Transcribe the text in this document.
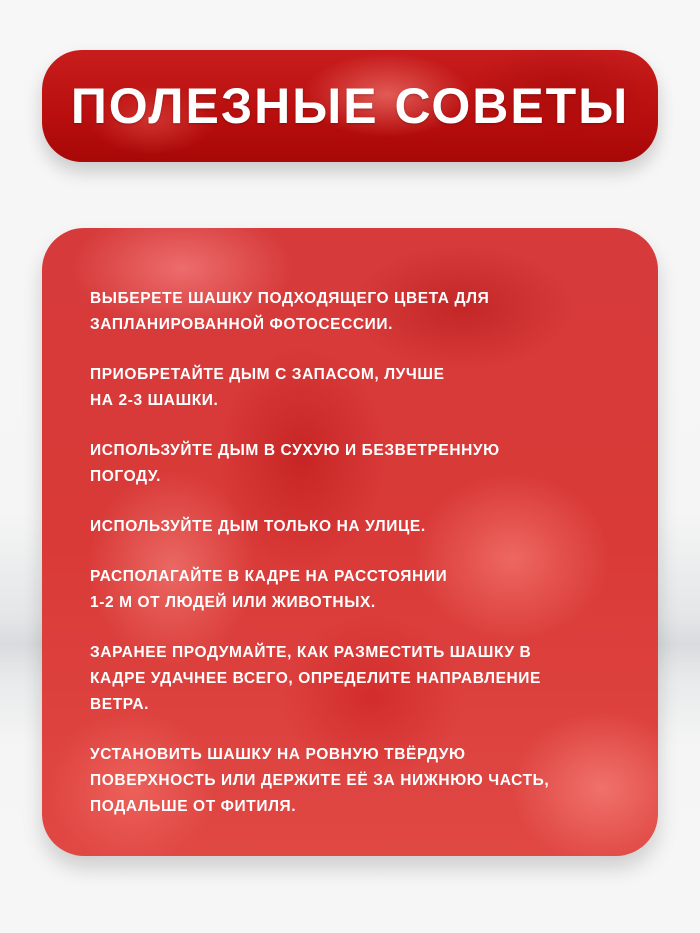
ПОЛЕЗНЫЕ СОВЕТЫ
ВЫБЕРЕТЕ ШАШКУ ПОДХОДЯЩЕГО ЦВЕТА ДЛЯ
ЗАПЛАНИРОВАННОЙ ФОТОСЕССИИ.
ПРИОБРЕТАЙТЕ ДЫМ С ЗАПАСОМ, ЛУЧШЕ
НА 2-3 ШАШКИ.
ИСПОЛЬЗУЙТЕ ДЫМ В СУХУЮ И БЕЗВЕТРЕННУЮ
ПОГОДУ.
ИСПОЛЬЗУЙТЕ ДЫМ ТОЛЬКО НА УЛИЦЕ.
РАСПОЛАГАЙТЕ В КАДРЕ НА РАССТОЯНИИ
1-2 М ОТ ЛЮДЕЙ ИЛИ ЖИВОТНЫХ.
ЗАРАНЕЕ ПРОДУМАЙТЕ, КАК РАЗМЕСТИТЬ ШАШКУ В
КАДРЕ УДАЧНЕЕ ВСЕГО, ОПРЕДЕЛИТЕ НАПРАВЛЕНИЕ
ВЕТРА.
УСТАНОВИТЬ ШАШКУ НА РОВНУЮ ТВЁРДУЮ
ПОВЕРХНОСТЬ ИЛИ ДЕРЖИТЕ ЕЁ ЗА НИЖНЮЮ ЧАСТЬ,
ПОДАЛЬШЕ ОТ ФИТИЛЯ.
